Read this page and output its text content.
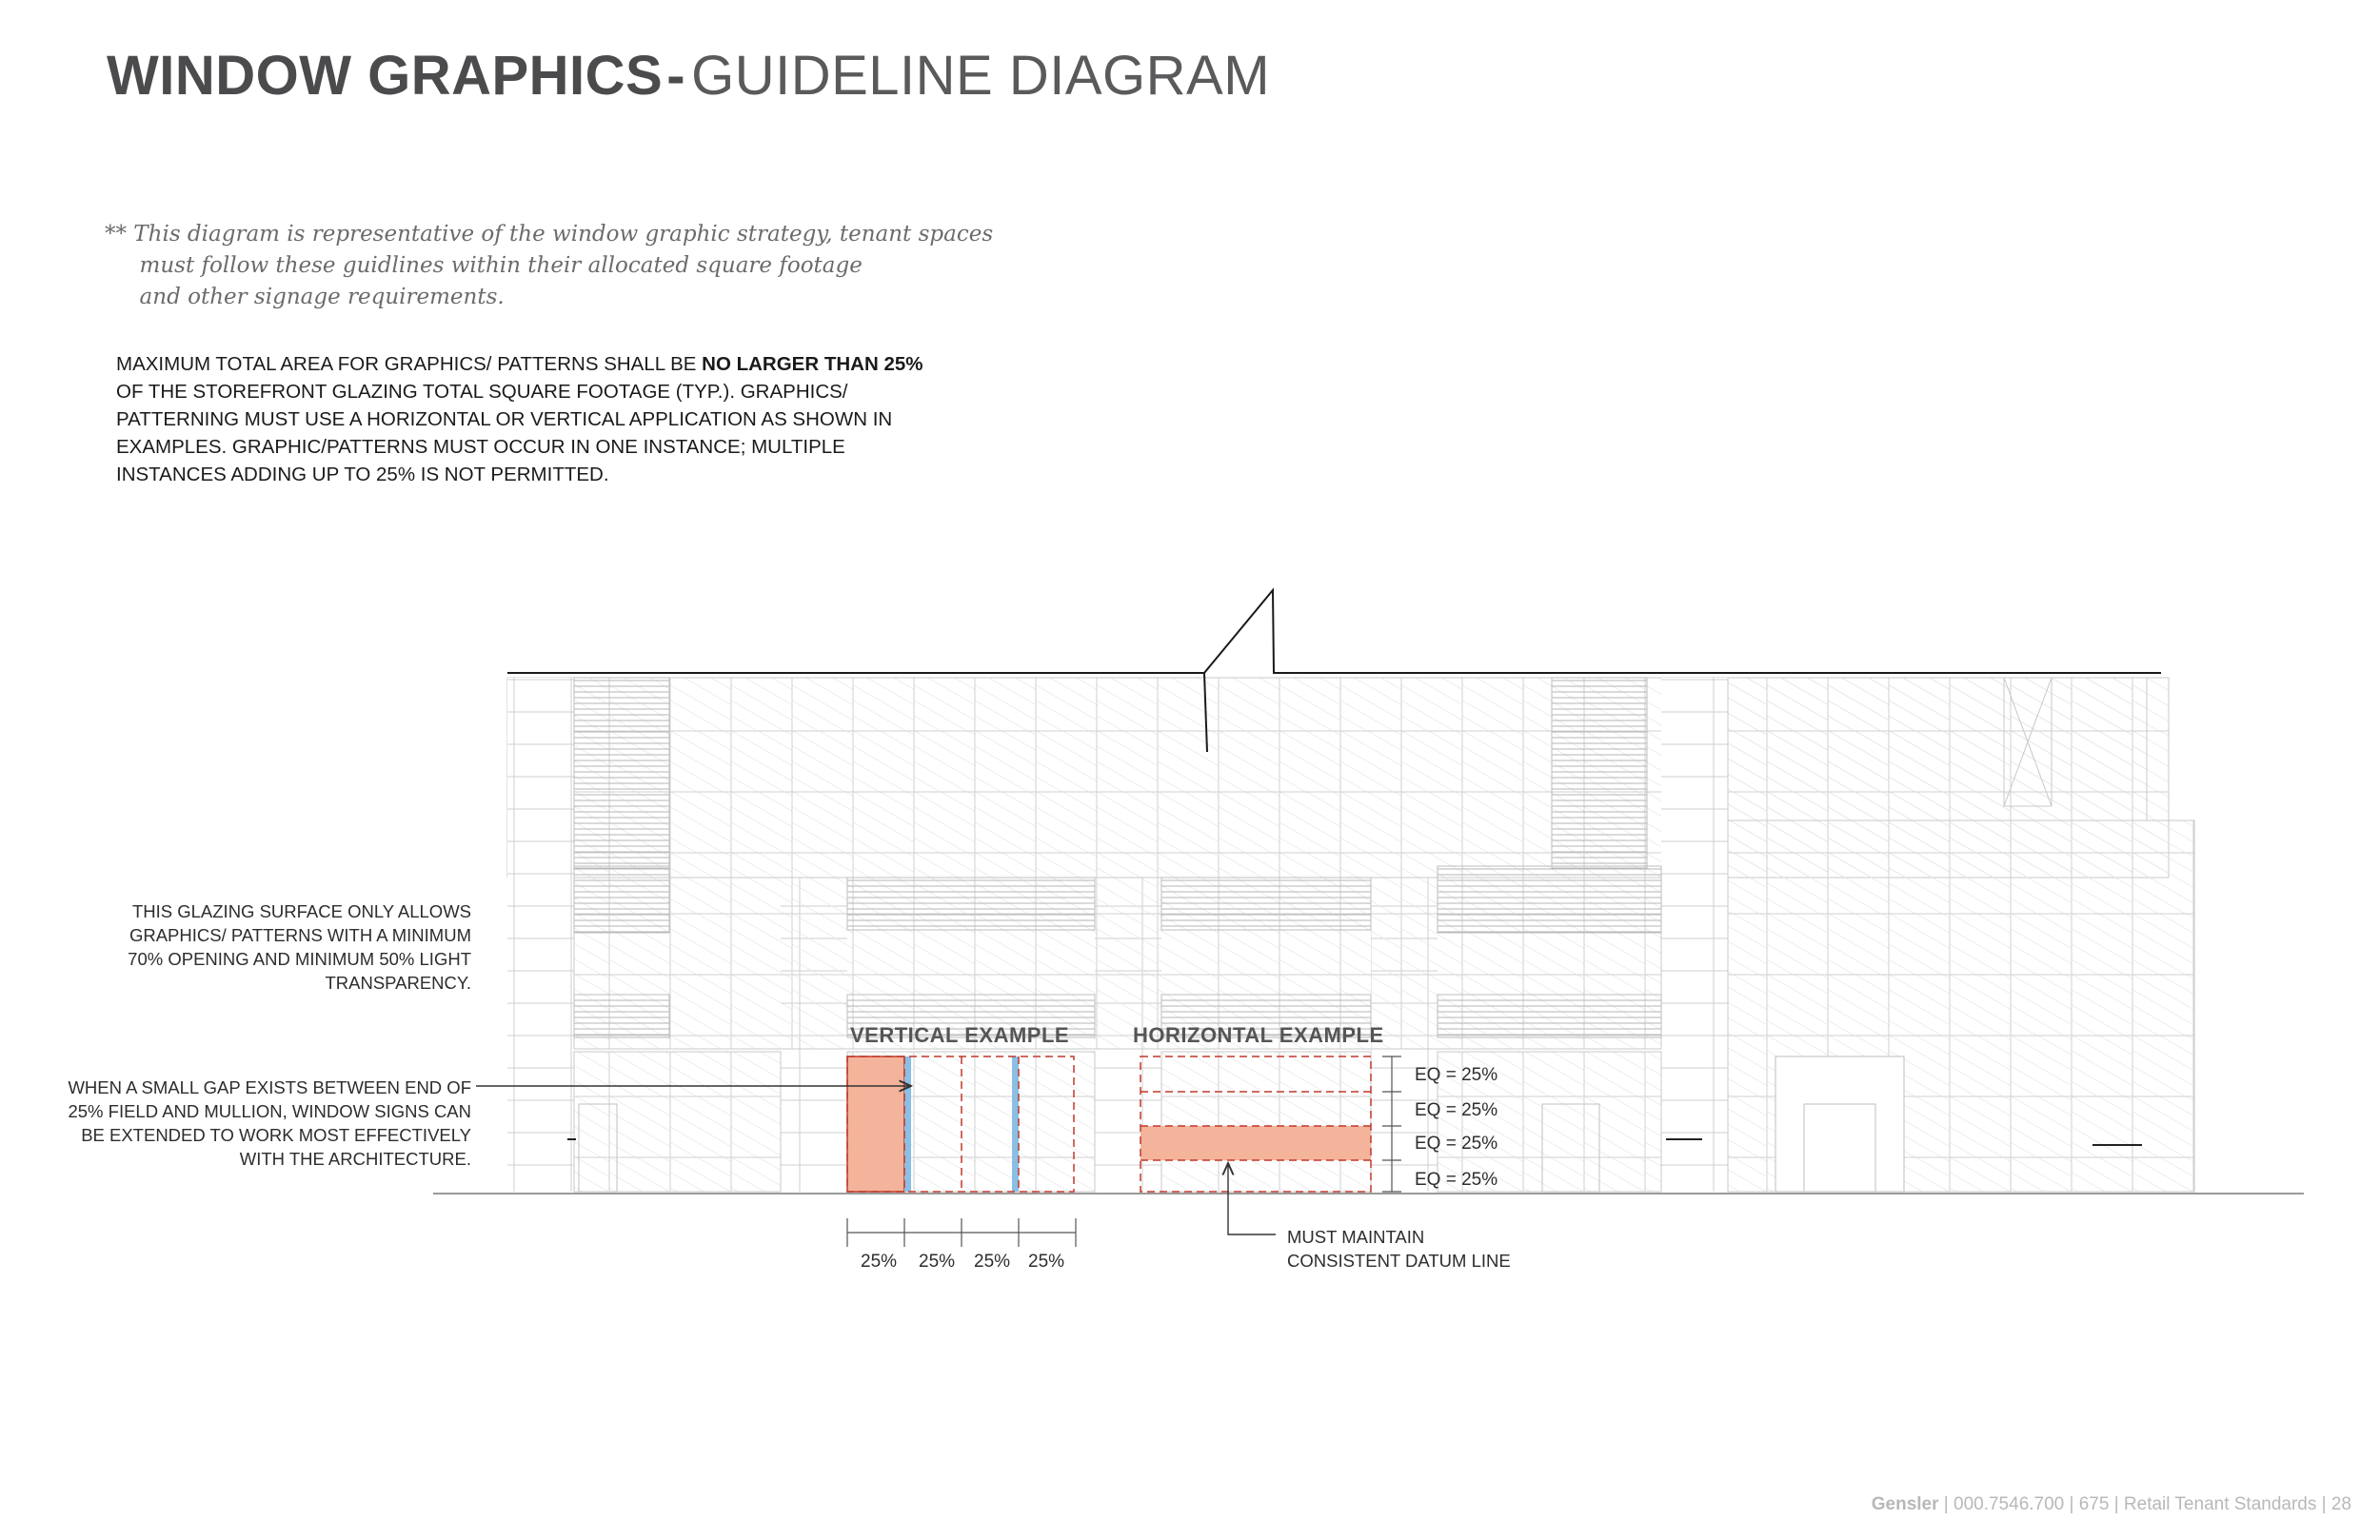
WINDOW GRAPHICS- GUIDELINE DIAGRAM
** This diagram is representative of the window graphic strategy, tenant spaces
must follow these guidlines within their allocated square footage
and other signage requirements.

MAXIMUM TOTAL AREA FOR GRAPHICS/ PATTERNS SHALL BE NO LARGER THAN 25%

OF THE STOREFRONT GLAZING TOTAL SQUARE FOOTAGE (TYP.). GRAPHICS/ PATTERNING MUST USE A HORIZONTAL OR VERTICAL APPLICATION AS SHOWN IN EXAMPLES. GRAPHIC/PATTERNS MUST OCCUR IN ONE INSTANCE; MULTIPLE INSTANCES ADDING UP TO 25% IS NOT PERMITTED.

THIS GLAZING SURFACE ONLY ALLOWS GRAPHICS/ PATTERNS WITH A MINIMUM 70% OPENING AND MINIMUM 50% LIGHT TRANSPARENCY.
WHEN A SMALL GAP EXISTS BETWEEN END OF 25% FIELD AND MULLION, WINDOW SIGNS CAN BE EXTENDED TO WORK MOST EFFECTIVELY WITH THE ARCHITECTURE.
MUST MAINTAIN
CONSISTENT DATUM LINE
VERTICAL EXAMPLE	HORIZONTAL EXAMPLE
25% 25% 25% 25%
EQ = 25%
EQ = 25%
EQ = 25%
EQ = 25%
Gensler | 000.7546.700 | 675 | Retail Tenant Standards | 28
